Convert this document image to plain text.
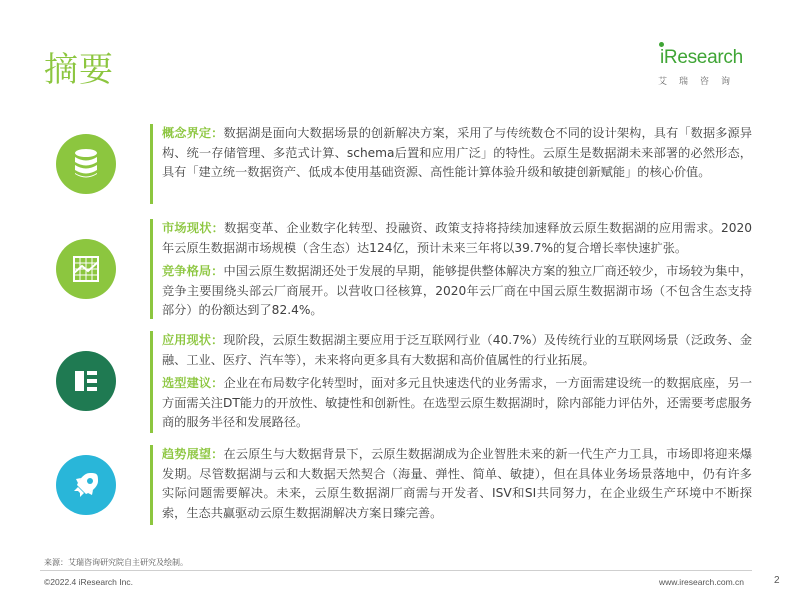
摘要	iResearch
艾瑞咨询

概念界定：数据湖是面向大数据场景的创新解决方案，采用了与传统数仓不同的设计架构，具有「数据多源异构、统一存储管理、多范式计算、schema后置和应用广泛」的特性。云原生是数据湖未来部署的必然形态，具有「建立统一数据资产、低成本使用基础资源、高性能计算体验升级和敏捷创新赋能」的核心价值。

市场现状：数据变革、企业数字化转型、投融资、政策支持将持续加速释放云原生数据湖的应用需求。2020年云原生数据湖市场规模（含生态）达124亿，预计未来三年将以39.7%的复合增长率快速扩张。

竞争格局：中国云原生数据湖还处于发展的早期，能够提供整体解决方案的独立厂商还较少，市场较为集中，竞争主要围绕头部云厂商展开。以营收口径核算，2020年云厂商在中国云原生数据湖市场（不包含生态支持部分）的份额达到了82.4%。

应用现状：现阶段，云原生数据湖主要应用于泛互联网行业（40.7%）及传统行业的互联网场景（泛政务、金融、工业、医疗、汽车等），未来将向更多具有大数据和高价值属性的行业拓展。

选型建议：企业在布局数字化转型时，面对多元且快速迭代的业务需求，一方面需建设统一的数据底座，另一方面需关注DT能力的开放性、敏捷性和创新性。在选型云原生数据湖时，除内部能力评估外，还需要考虑服务商的服务半径和发展路径。

趋势展望：在云原生与大数据背景下，云原生数据湖成为企业智胜未来的新一代生产力工具，市场即将迎来爆发期。尽管数据湖与云和大数据天然契合（海量、弹性、简单、敏捷），但在具体业务场景落地中，仍有许多实际问题需要解决。未来，云原生数据湖厂商需与开发者、ISV和SI共同努力，在企业级生产环境中不断探索，生态共赢驱动云原生数据湖解决方案日臻完善。

来源：艾瑞咨询研究院自主研究及绘制。
©2022.4 iResearch Inc.	www.iresearch.com.cn	2
